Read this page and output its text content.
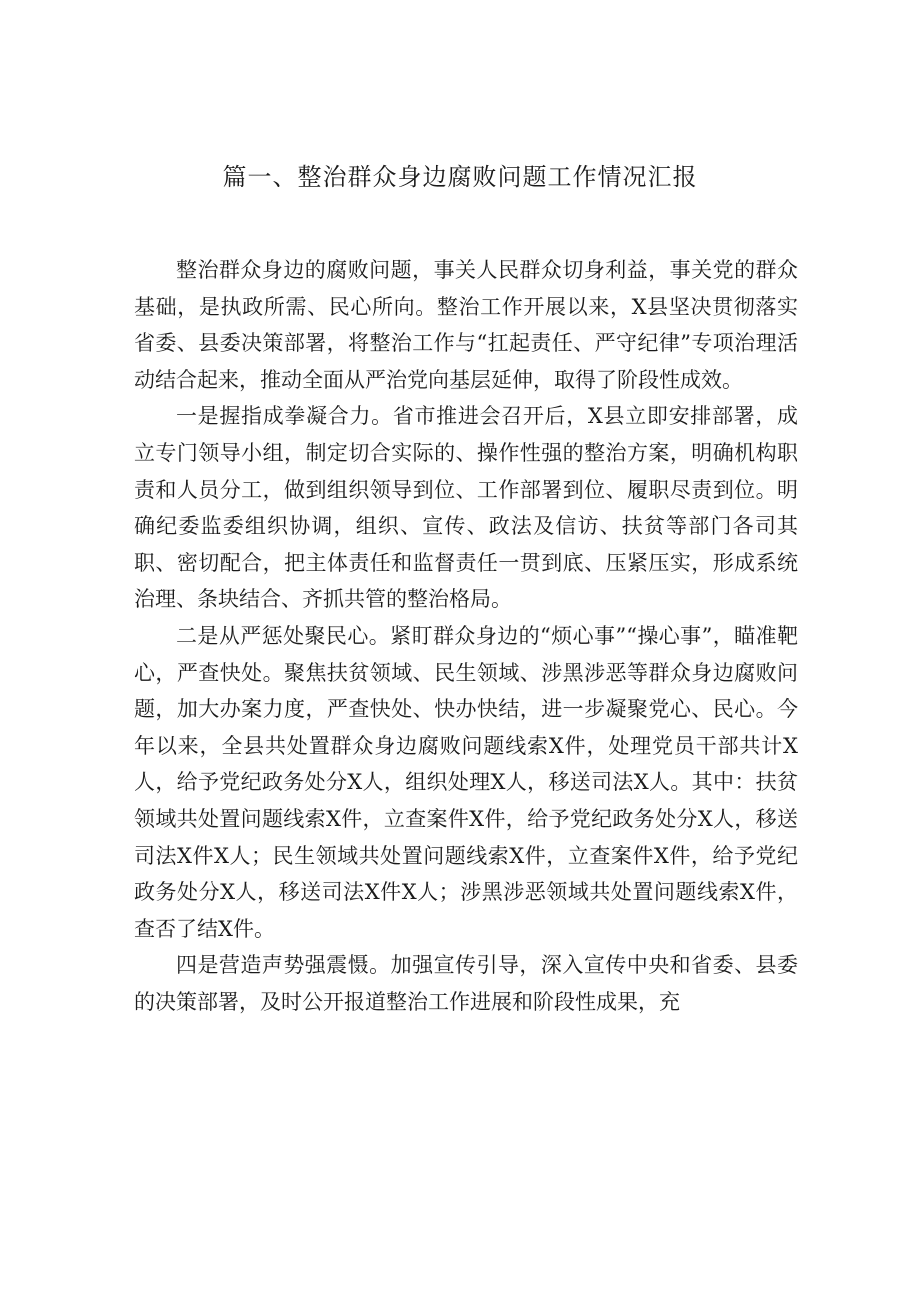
篇一、整治群众身边腐败问题工作情况汇报

整治群众身边的腐败问题，事关人民群众切身利益，事关党的群众基础，是执政所需、民心所向。整治工作开展以来，X县坚决贯彻落实省委、县委决策部署，将整治工作与“扛起责任、严守纪律”专项治理活动结合起来，推动全面从严治党向基层延伸，取得了阶段性成效。

一是握指成拳凝合力。省市推进会召开后，X县立即安排部署，成立专门领导小组，制定切合实际的、操作性强的整治方案，明确机构职责和人员分工，做到组织领导到位、工作部署到位、履职尽责到位。明确纪委监委组织协调，组织、宣传、政法及信访、扶贫等部门各司其职、密切配合，把主体责任和监督责任一贯到底、压紧压实，形成系统治理、条块结合、齐抓共管的整治格局。

二是从严惩处聚民心。紧盯群众身边的“烦心事”“操心事”，瞄准靶心，严查快处。聚焦扶贫领域、民生领域、涉黑涉恶等群众身边腐败问题，加大办案力度，严查快处、快办快结，进一步凝聚党心、民心。今年以来，全县共处置群众身边腐败问题线索X件，处理党员干部共计X人，给予党纪政务处分X人，组织处理X人，移送司法X人。其中：扶贫领域共处置问题线索X件，立查案件X件，给予党纪政务处分X人，移送司法X件X人；民生领域共处置问题线索X件，立查案件X件，给予党纪政务处分X人，移送司法X件X人；涉黑涉恶领域共处置问题线索X件，查否了结X件。

四是营造声势强震慑。加强宣传引导，深入宣传中央和省委、县委的决策部署，及时公开报道整治工作进展和阶段性成果，充
